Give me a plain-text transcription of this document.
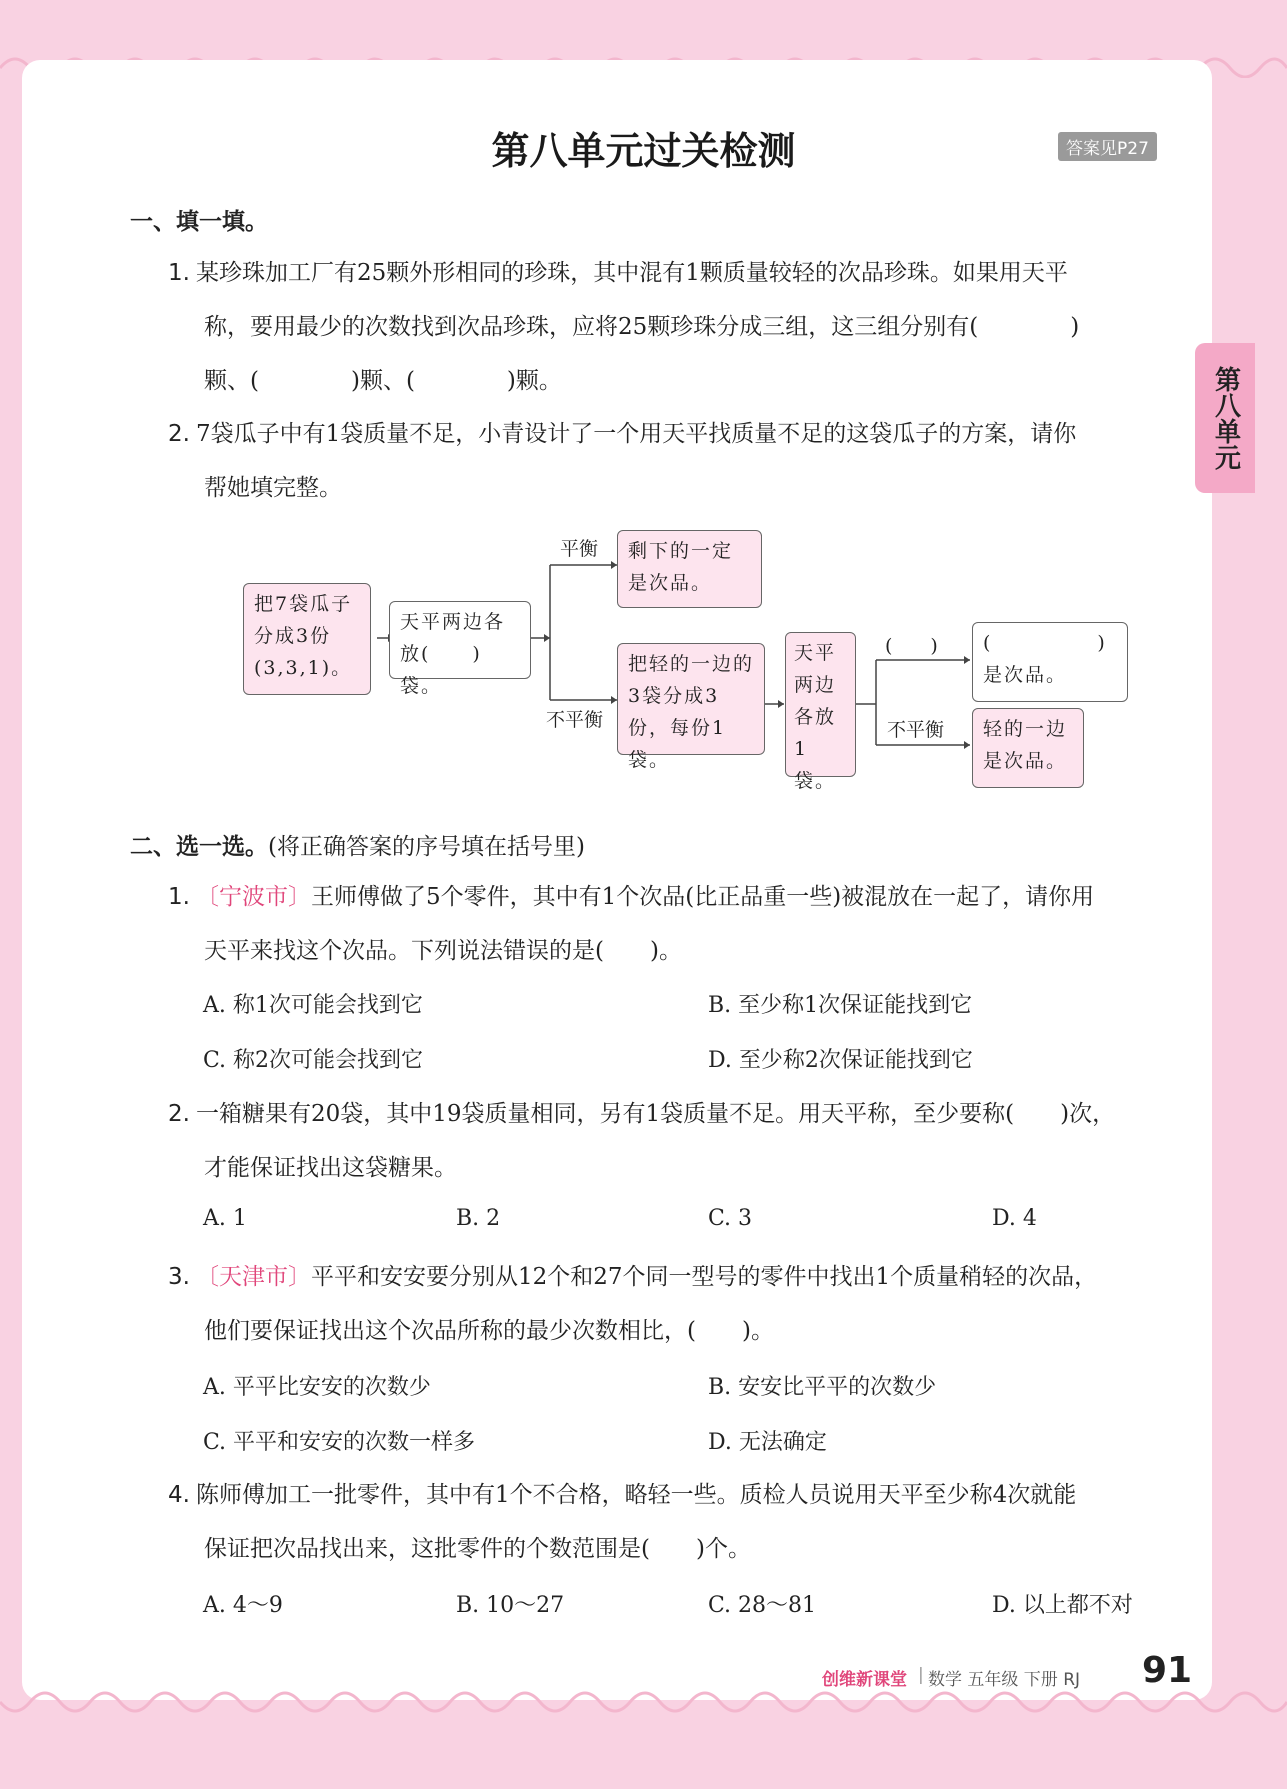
第八单元过关检测	答案见P27
第八单元
一、填一填。
1. 某珍珠加工厂有25颗外形相同的珍珠，其中混有1颗质量较轻的次品珍珠。如果用天平
称，要用最少的次数找到次品珍珠，应将25颗珍珠分成三组，这三组分别有(　　　　)
颗、(　　　　)颗、(　　　　)颗。
2. 7袋瓜子中有1袋质量不足，小青设计了一个用天平找质量不足的这袋瓜子的方案，请你
帮她填完整。
把7袋瓜子分成3份(3,3,1)。
天平两边各放(　　)袋。
平衡
不平衡
剩下的一定是次品。
把轻的一边的3袋分成3份，每份1袋。
天平两边各放1袋。
(　　)	(　　　　　)是次品。
不平衡	轻的一边是次品。
二、选一选。(将正确答案的序号填在括号里)
1. 〔宁波市〕王师傅做了5个零件，其中有1个次品(比正品重一些)被混放在一起了，请你用
天平来找这个次品。下列说法错误的是(　　)。
A. 称1次可能会找到它	B. 至少称1次保证能找到它
C. 称2次可能会找到它	D. 至少称2次保证能找到它
2. 一箱糖果有20袋，其中19袋质量相同，另有1袋质量不足。用天平称，至少要称(　　)次，
才能保证找出这袋糖果。
A. 1	B. 2	C. 3	D. 4
3. 〔天津市〕平平和安安要分别从12个和27个同一型号的零件中找出1个质量稍轻的次品，
他们要保证找出这个次品所称的最少次数相比，(　　)。
A. 平平比安安的次数少	B. 安安比平平的次数少
C. 平平和安安的次数一样多	D. 无法确定
4. 陈师傅加工一批零件，其中有1个不合格，略轻一些。质检人员说用天平至少称4次就能
保证把次品找出来，这批零件的个数范围是(　　)个。
A. 4～9	B. 10～27	C. 28～81	D. 以上都不对
创维新课堂 | 数学 五年级 下册 RJ 91
